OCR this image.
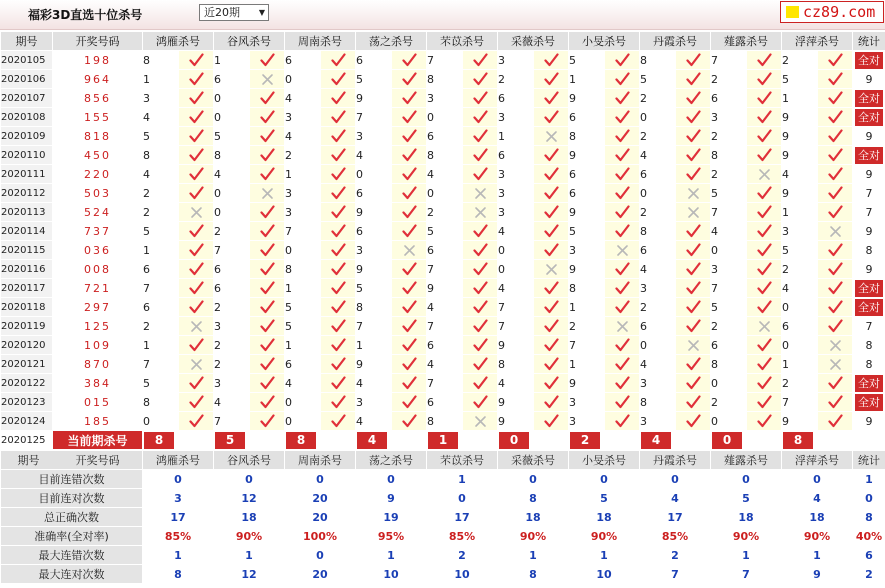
福彩3D直选十位杀号	近20期 ▼	cz89.com
期号	开奖号码	鸿雁杀号		谷风杀号		周南杀号		荡之杀号		芣苡杀号		采薇杀号		小旻杀号		丹霞杀号		薤露杀号		浮萍杀号		统计
2020105	198	8		1		6		6		7		3		5		8		7		2		全对
2020106	964	1		6		0		5		8		2		1		5		2		5		9
2020107	856	3		0		4		9		3		6		9		2		6		1		全对
2020108	155	4		0		3		7		0		3		6		0		3		9		全对
2020109	818	5		5		4		3		6		1		8		2		2		9		9
2020110	450	8		8		2		4		8		6		9		4		8		9		全对
2020111	220	4		4		1		0		4		3		6		6		2		4		9
2020112	503	2		0		3		6		0		3		6		0		5		9		7
2020113	524	2		0		3		9		2		3		9		2		7		1		7
2020114	737	5		2		7		6		5		4		5		8		4		3		9
2020115	036	1		7		0		3		6		0		3		6		0		5		8
2020116	008	6		6		8		9		7		0		9		4		3		2		9
2020117	721	7		6		1		5		9		4		8		3		7		4		全对
2020118	297	6		2		5		8		4		7		1		2		5		0		全对
2020119	125	2		3		5		7		7		7		2		6		2		6		7
2020120	109	1		2		1		1		6		9		7		0		6		0		8
2020121	870	7		2		6		9		4		8		1		4		8		1		8
2020122	384	5		3		4		4		7		4		9		3		0		2		全对
2020123	015	8		4		0		3		6		9		3		8		2		7		全对
2020124	185	0		7		0		4		8		9		3		3		0		9		9
2020125	当前期杀号	8		5		8		4		1		0		2		4		0		8		
期号 开奖号码	鸿雁杀号	谷风杀号	周南杀号	荡之杀号	芣苡杀号	采薇杀号	小旻杀号	丹霞杀号	薤露杀号	浮萍杀号	统计
目前连错次数	0	0	0	0	1	0	0	0	0	0	1
目前连对次数	3	12	20	9	0	8	5	4	5	4	0
总正确次数	17	18	20	19	17	18	18	17	18	18	8
准确率(全对率)	85%	90%	100%	95%	85%	90%	90%	85%	90%	90%	40%
最大连错次数	1	1	0	1	2	1	1	2	1	1	6
最大连对次数	8	12	20	10	10	8	10	7	7	9	2
